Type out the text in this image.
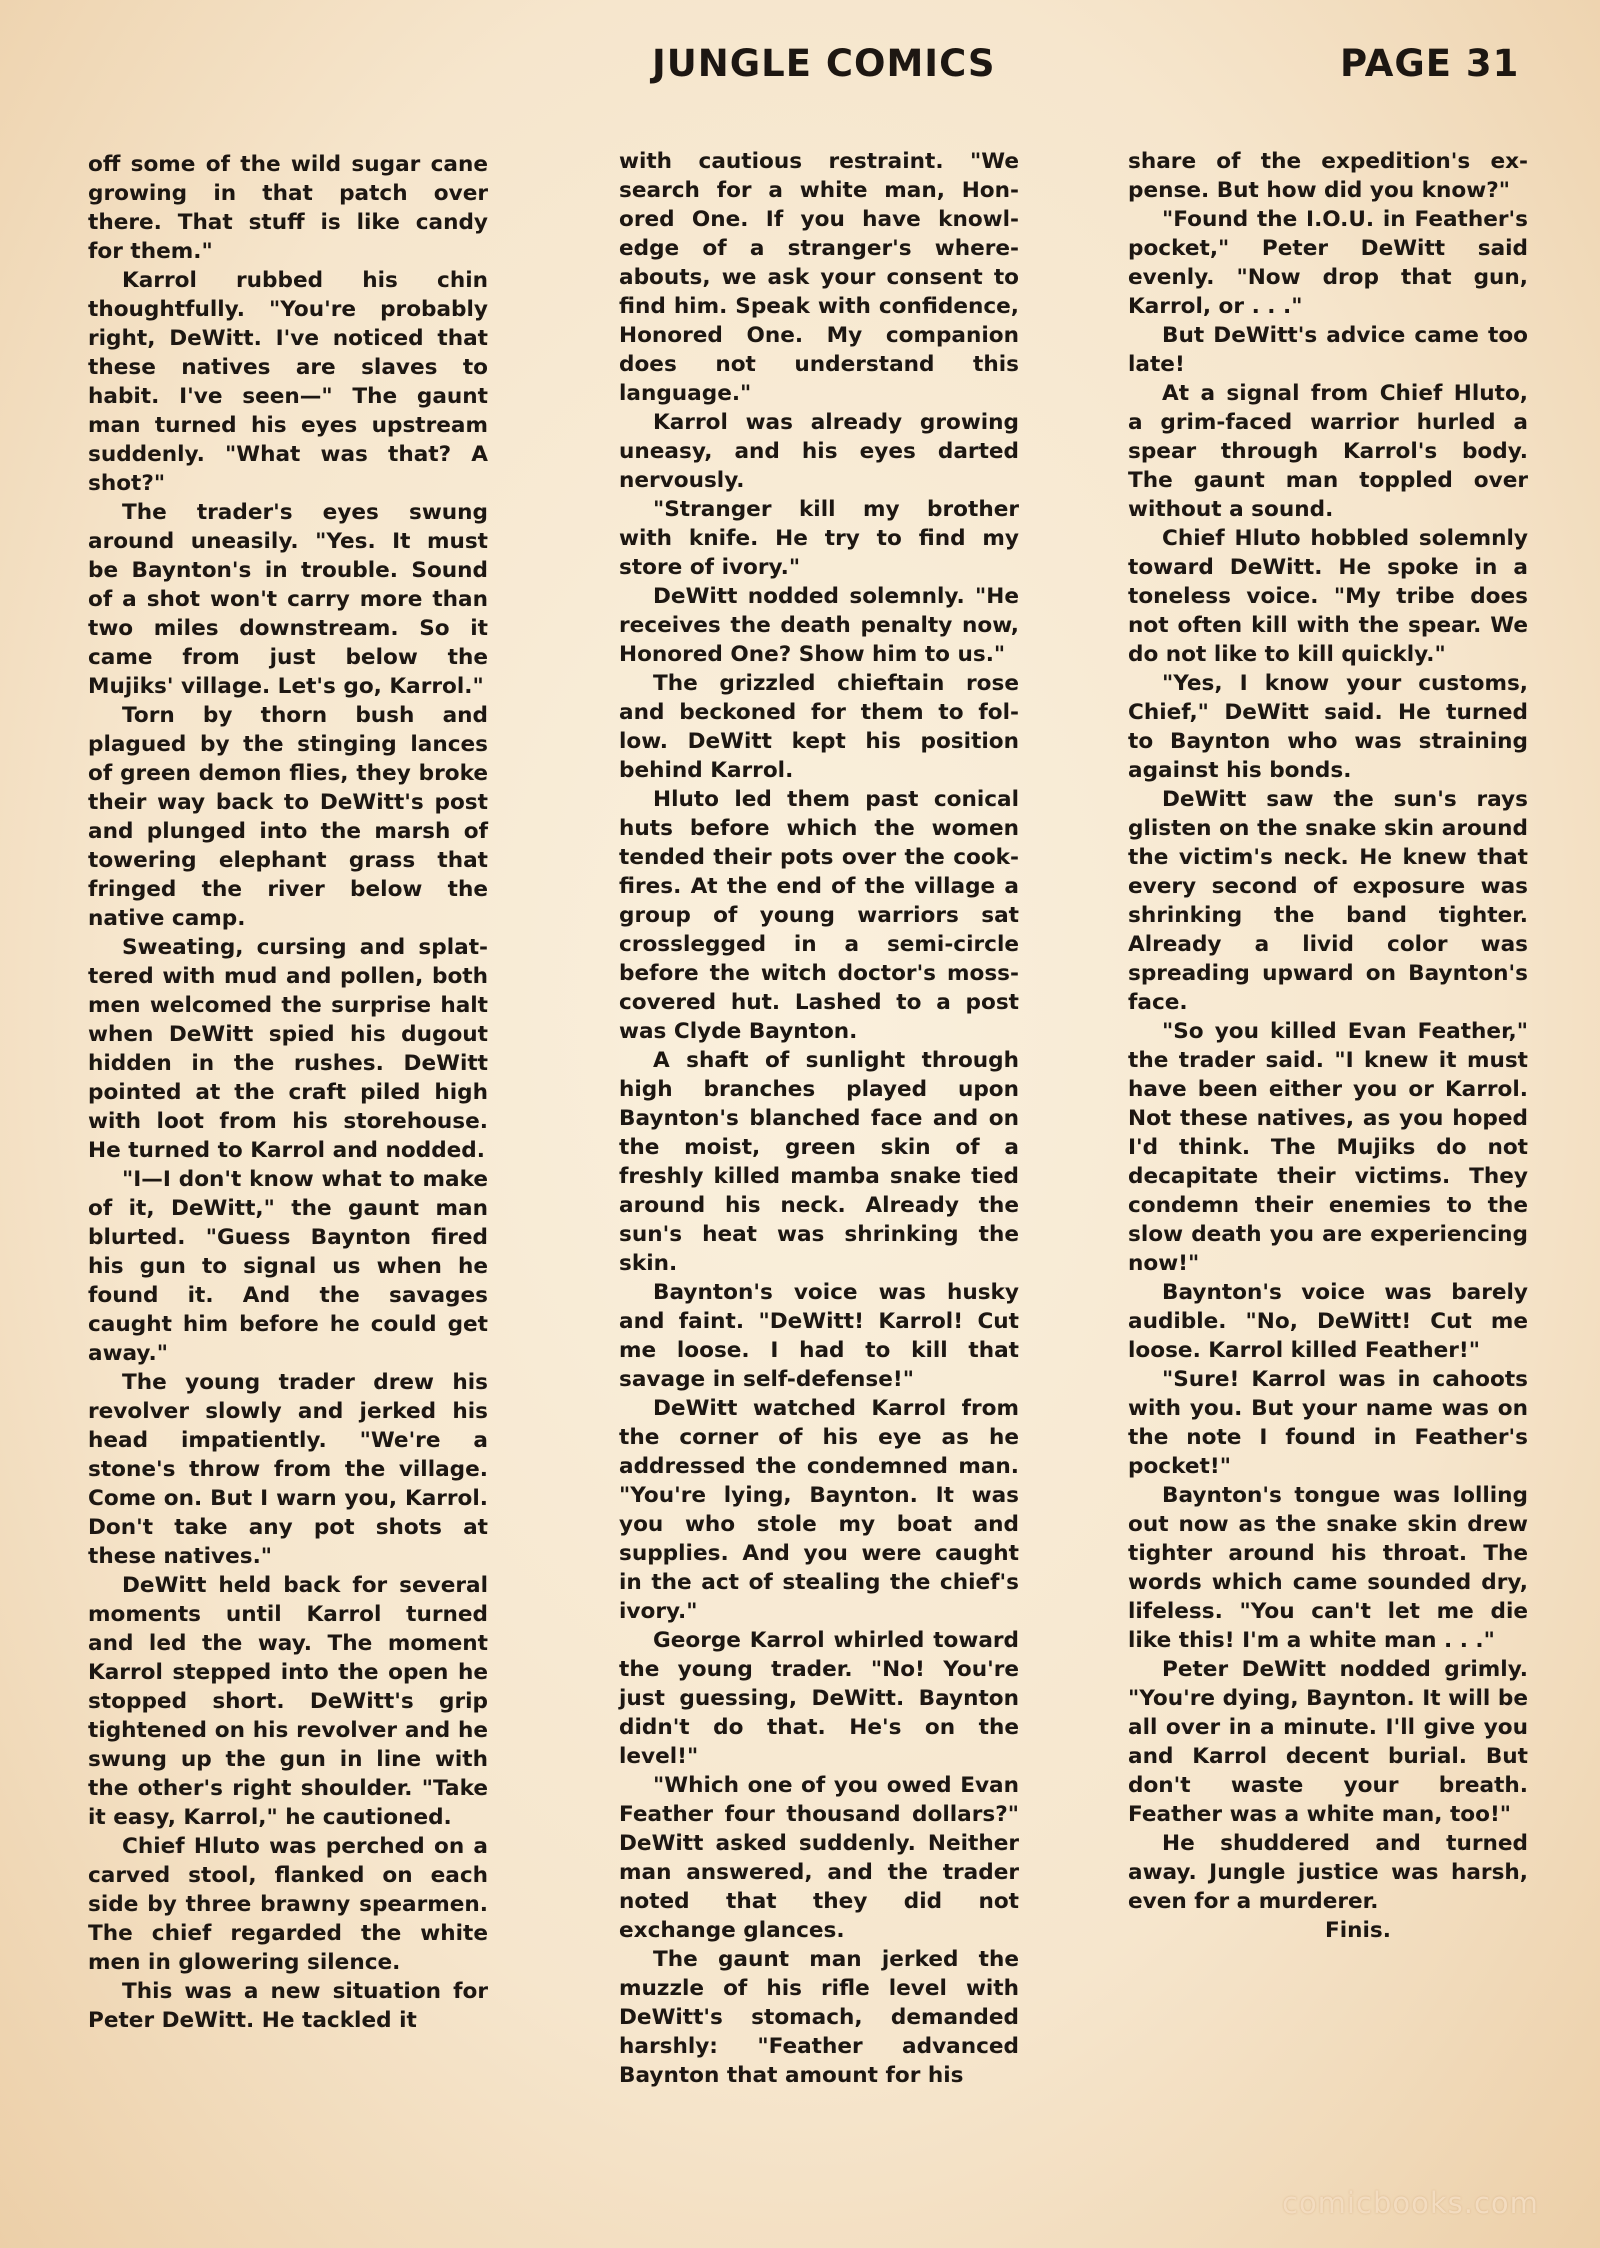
JUNGLE COMICS	PAGE 31

off some of the wild sugar cane growing in that patch over there. That stuff is like candy for them."

Karrol rubbed his chin thoughtfully. "You're probably right, DeWitt. I've noticed that these natives are slaves to habit. I've seen—" The gaunt man turned his eyes upstream suddenly. "What was that? A shot?"

The trader's eyes swung around uneasily. "Yes. It must be Baynton's in trouble. Sound of a shot won't carry more than two miles downstream. So it came from just below the Mujiks' village. Let's go, Karrol."

Torn by thorn bush and plagued by the stinging lances of green demon flies, they broke their way back to DeWitt's post and plunged into the marsh of towering elephant grass that fringed the river below the native camp.

Sweating, cursing and splattered with mud and pollen, both men welcomed the surprise halt when DeWitt spied his dugout hidden in the rushes. DeWitt pointed at the craft piled high with loot from his storehouse. He turned to Karrol and nodded.

"I—I don't know what to make of it, DeWitt," the gaunt man blurted. "Guess Baynton fired his gun to signal us when he found it. And the savages caught him before he could get away."

The young trader drew his revolver slowly and jerked his head impatiently. "We're a stone's throw from the village. Come on. But I warn you, Karrol. Don't take any pot shots at these natives."

DeWitt held back for several moments until Karrol turned and led the way. The moment Karrol stepped into the open he stopped short. DeWitt's grip tightened on his revolver and he swung up the gun in line with the other's right shoulder. "Take it easy, Karrol," he cautioned.

Chief Hluto was perched on a carved stool, flanked on each side by three brawny spearmen. The chief regarded the white men in glowering silence.

This was a new situation for Peter DeWitt. He tackled it

with cautious restraint. "We search for a white man, Honored One. If you have knowledge of a stranger's whereabouts, we ask your consent to find him. Speak with confidence, Honored One. My companion does not understand this language."

Karrol was already growing uneasy, and his eyes darted nervously.

"Stranger kill my brother with knife. He try to find my store of ivory."

DeWitt nodded solemnly. "He receives the death penalty now, Honored One? Show him to us."

The grizzled chieftain rose and beckoned for them to follow. DeWitt kept his position behind Karrol.

Hluto led them past conical huts before which the women tended their pots over the cook-fires. At the end of the village a group of young warriors sat crosslegged in a semi-circle before the witch doctor's moss-covered hut. Lashed to a post was Clyde Baynton.

A shaft of sunlight through high branches played upon Baynton's blanched face and on the moist, green skin of a freshly killed mamba snake tied around his neck. Already the sun's heat was shrinking the skin.

Baynton's voice was husky and faint. "DeWitt! Karrol! Cut me loose. I had to kill that savage in self-defense!"

DeWitt watched Karrol from the corner of his eye as he addressed the condemned man. "You're lying, Baynton. It was you who stole my boat and supplies. And you were caught in the act of stealing the chief's ivory."

George Karrol whirled toward the young trader. "No! You're just guessing, DeWitt. Baynton didn't do that. He's on the level!"

"Which one of you owed Evan Feather four thousand dollars?" DeWitt asked suddenly. Neither man answered, and the trader noted that they did not exchange glances.

The gaunt man jerked the muzzle of his rifle level with DeWitt's stomach, demanded harshly: "Feather advanced Baynton that amount for his

share of the expedition's expense. But how did you know?"

"Found the I.O.U. in Feather's pocket," Peter DeWitt said evenly. "Now drop that gun, Karrol, or . . ."

But DeWitt's advice came too late!

At a signal from Chief Hluto, a grim-faced warrior hurled a spear through Karrol's body. The gaunt man toppled over without a sound.

Chief Hluto hobbled solemnly toward DeWitt. He spoke in a toneless voice. "My tribe does not often kill with the spear. We do not like to kill quickly."

"Yes, I know your customs, Chief," DeWitt said. He turned to Baynton who was straining against his bonds.

DeWitt saw the sun's rays glisten on the snake skin around the victim's neck. He knew that every second of exposure was shrinking the band tighter. Already a livid color was spreading upward on Baynton's face.

"So you killed Evan Feather," the trader said. "I knew it must have been either you or Karrol. Not these natives, as you hoped I'd think. The Mujiks do not decapitate their victims. They condemn their enemies to the slow death you are experiencing now!"

Baynton's voice was barely audible. "No, DeWitt! Cut me loose. Karrol killed Feather!"

"Sure! Karrol was in cahoots with you. But your name was on the note I found in Feather's pocket!"

Baynton's tongue was lolling out now as the snake skin drew tighter around his throat. The words which came sounded dry, lifeless. "You can't let me die like this! I'm a white man . . ."

Peter DeWitt nodded grimly. "You're dying, Baynton. It will be all over in a minute. I'll give you and Karrol decent burial. But don't waste your breath. Feather was a white man, too!"

He shuddered and turned away. Jungle justice was harsh, even for a murderer.

Finis.

comicbooks.com
